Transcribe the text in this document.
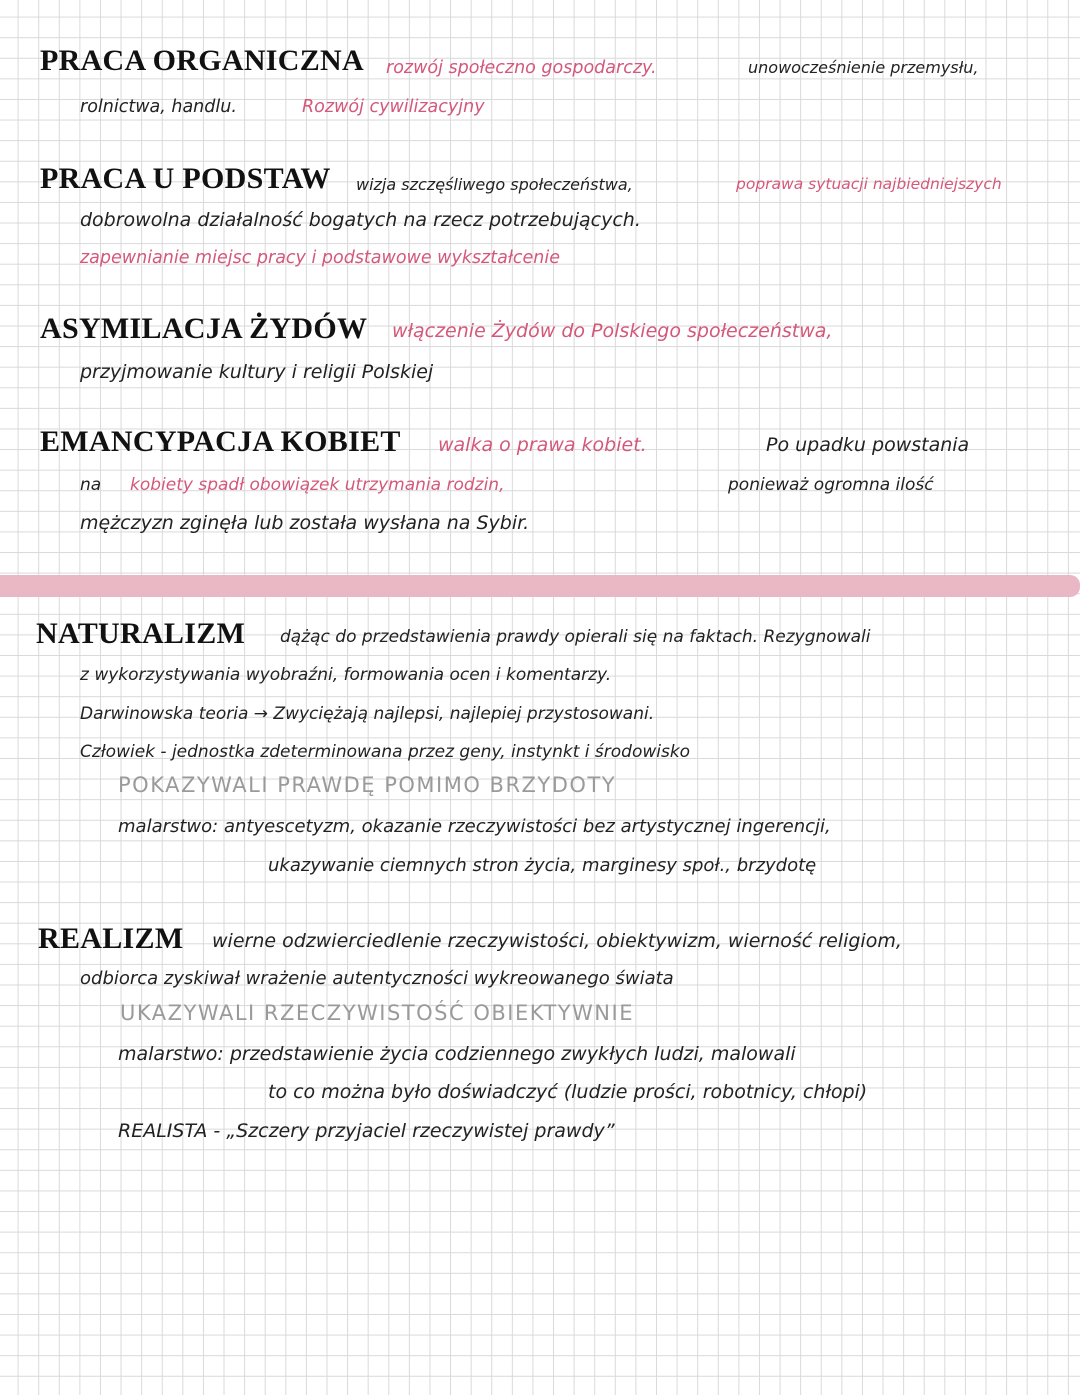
PRACA ORGANICZNA rozwój społeczno gospodarczy.	unowocześnienie przemysłu,
rolnictwa, handlu.	Rozwój cywilizacyjny
PRACA U PODSTAW wizja szczęśliwego społeczeństwa,	poprawa sytuacji najbiedniejszych
dobrowolna działalność bogatych na rzecz potrzebujących.
zapewnianie miejsc pracy i podstawowe wykształcenie
ASYMILACJA ŻYDÓW włączenie Żydów do Polskiego społeczeństwa,
przyjmowanie kultury i religii Polskiej
EMANCYPACJA KOBIET walka o prawa kobiet.	Po upadku powstania
na kobiety spadł obowiązek utrzymania rodzin,	ponieważ ogromna ilość
mężczyzn zginęła lub została wysłana na Sybir.
NATURALIZM dążąc do przedstawienia prawdy opierali się na faktach. Rezygnowali
z wykorzystywania wyobraźni, formowania ocen i komentarzy.
Darwinowska teoria → Zwyciężają najlepsi, najlepiej przystosowani.
Człowiek - jednostka zdeterminowana przez geny, instynkt i środowisko
POKAZYWALI PRAWDĘ POMIMO BRZYDOTY
malarstwo: antyescetyzm, okazanie rzeczywistości bez artystycznej ingerencji,
ukazywanie ciemnych stron życia, marginesy społ., brzydotę
REALIZM wierne odzwierciedlenie rzeczywistości, obiektywizm, wierność religiom,
odbiorca zyskiwał wrażenie autentyczności wykreowanego świata
UKAZYWALI RZECZYWISTOŚĆ OBIEKTYWNIE
malarstwo: przedstawienie życia codziennego zwykłych ludzi, malowali
to co można było doświadczyć (ludzie prości, robotnicy, chłopi)
REALISTA - „Szczery przyjaciel rzeczywistej prawdy”
